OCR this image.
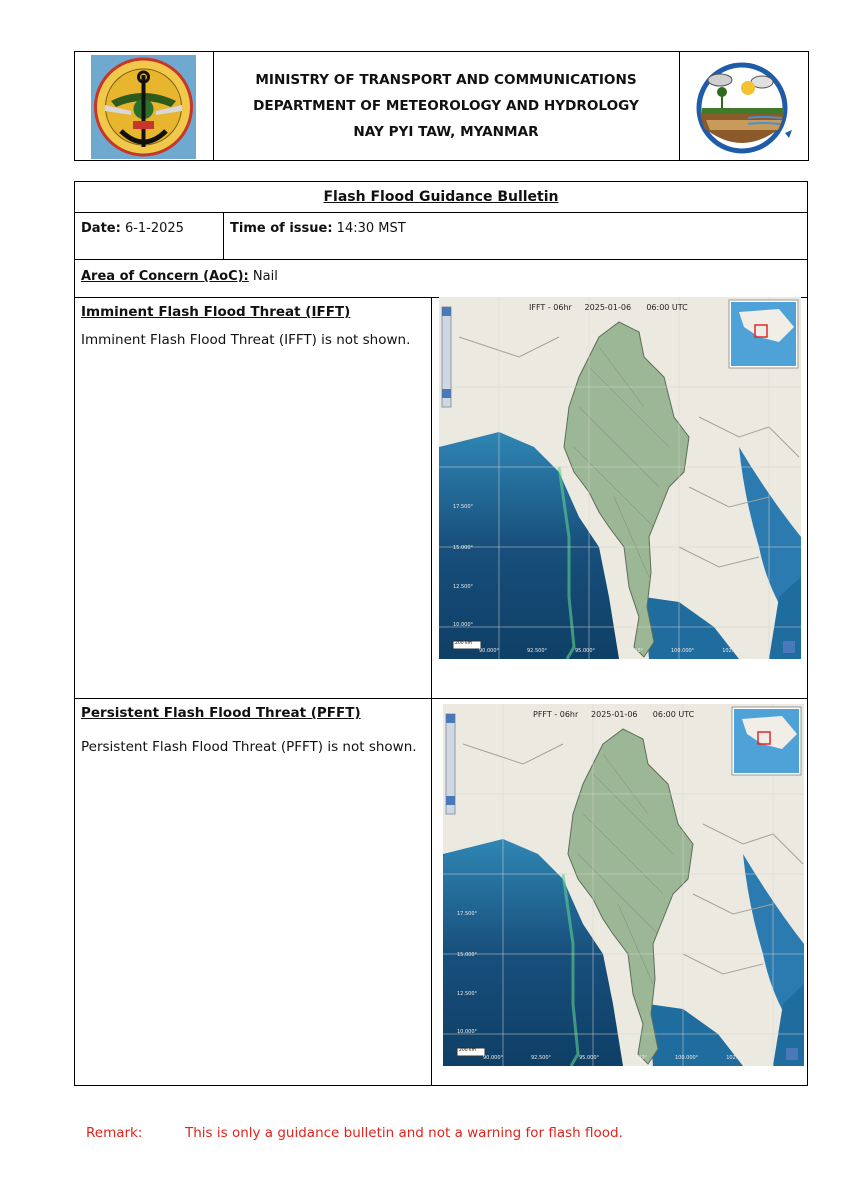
MINISTRY OF TRANSPORT AND COMMUNICATIONS
DEPARTMENT OF METEOROLOGY AND HYDROLOGY
NAY PYI TAW, MYANMAR
Flash Flood Guidance Bulletin
Date: 6-1-2025	Time of issue: 14:30 MST
Area of Concern (AoC): Nail
Imminent Flash Flood Threat (IFFT)
Imminent Flash Flood Threat (IFFT) is not shown.
Persistent Flash Flood Threat (PFFT)
Persistent Flash Flood Threat (PFFT) is not shown.
IFFT - 06hr 2025-01-06 06:00 UTC
17.500°
15.000°
12.500°
10.000°
90.000°	92.500°	95.000°	97.500°	100.000°	102.500°
200 km
PFFT - 06hr 2025-01-06 06:00 UTC
17.500°
15.000°
12.500°
10.000°
90.000°	92.500°	95.000°	97.500°	100.000°	102.500°
200 km
Remark:	This is only a guidance bulletin and not a warning for flash flood.
